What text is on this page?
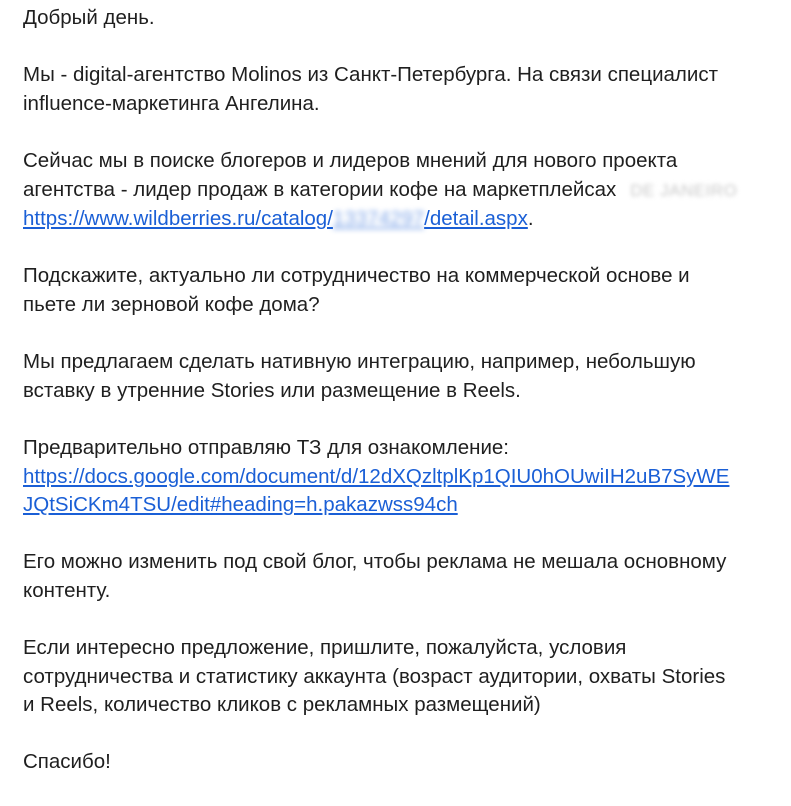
Добрый день.

Мы - digital-агентство Molinos из Санкт-Петербурга. На связи специалист
influence-маркетинга Ангелина.

Сейчас мы в поиске блогеров и лидеров мнений для нового проекта
агентства - лидер продаж в категории кофе на маркетплейсах DE JANEIRO
https://www.wildberries.ru/catalog/13374297/detail.aspx.

Подскажите, актуально ли сотрудничество на коммерческой основе и
пьете ли зерновой кофе дома?

Мы предлагаем сделать нативную интеграцию, например, небольшую
вставку в утренние Stories или размещение в Reels.

Предварительно отправляю ТЗ для ознакомление:
https://docs.google.com/document/d/12dXQzltplKp1QIU0hOUwiIH2uB7SyWE
JQtSiCKm4TSU/edit#heading=h.pakazwss94ch

Его можно изменить под свой блог, чтобы реклама не мешала основному
контенту.

Если интересно предложение, пришлите, пожалуйста, условия
сотрудничества и статистику аккаунта (возраст аудитории, охваты Stories
и Reels, количество кликов с рекламных размещений)

Спасибо!
